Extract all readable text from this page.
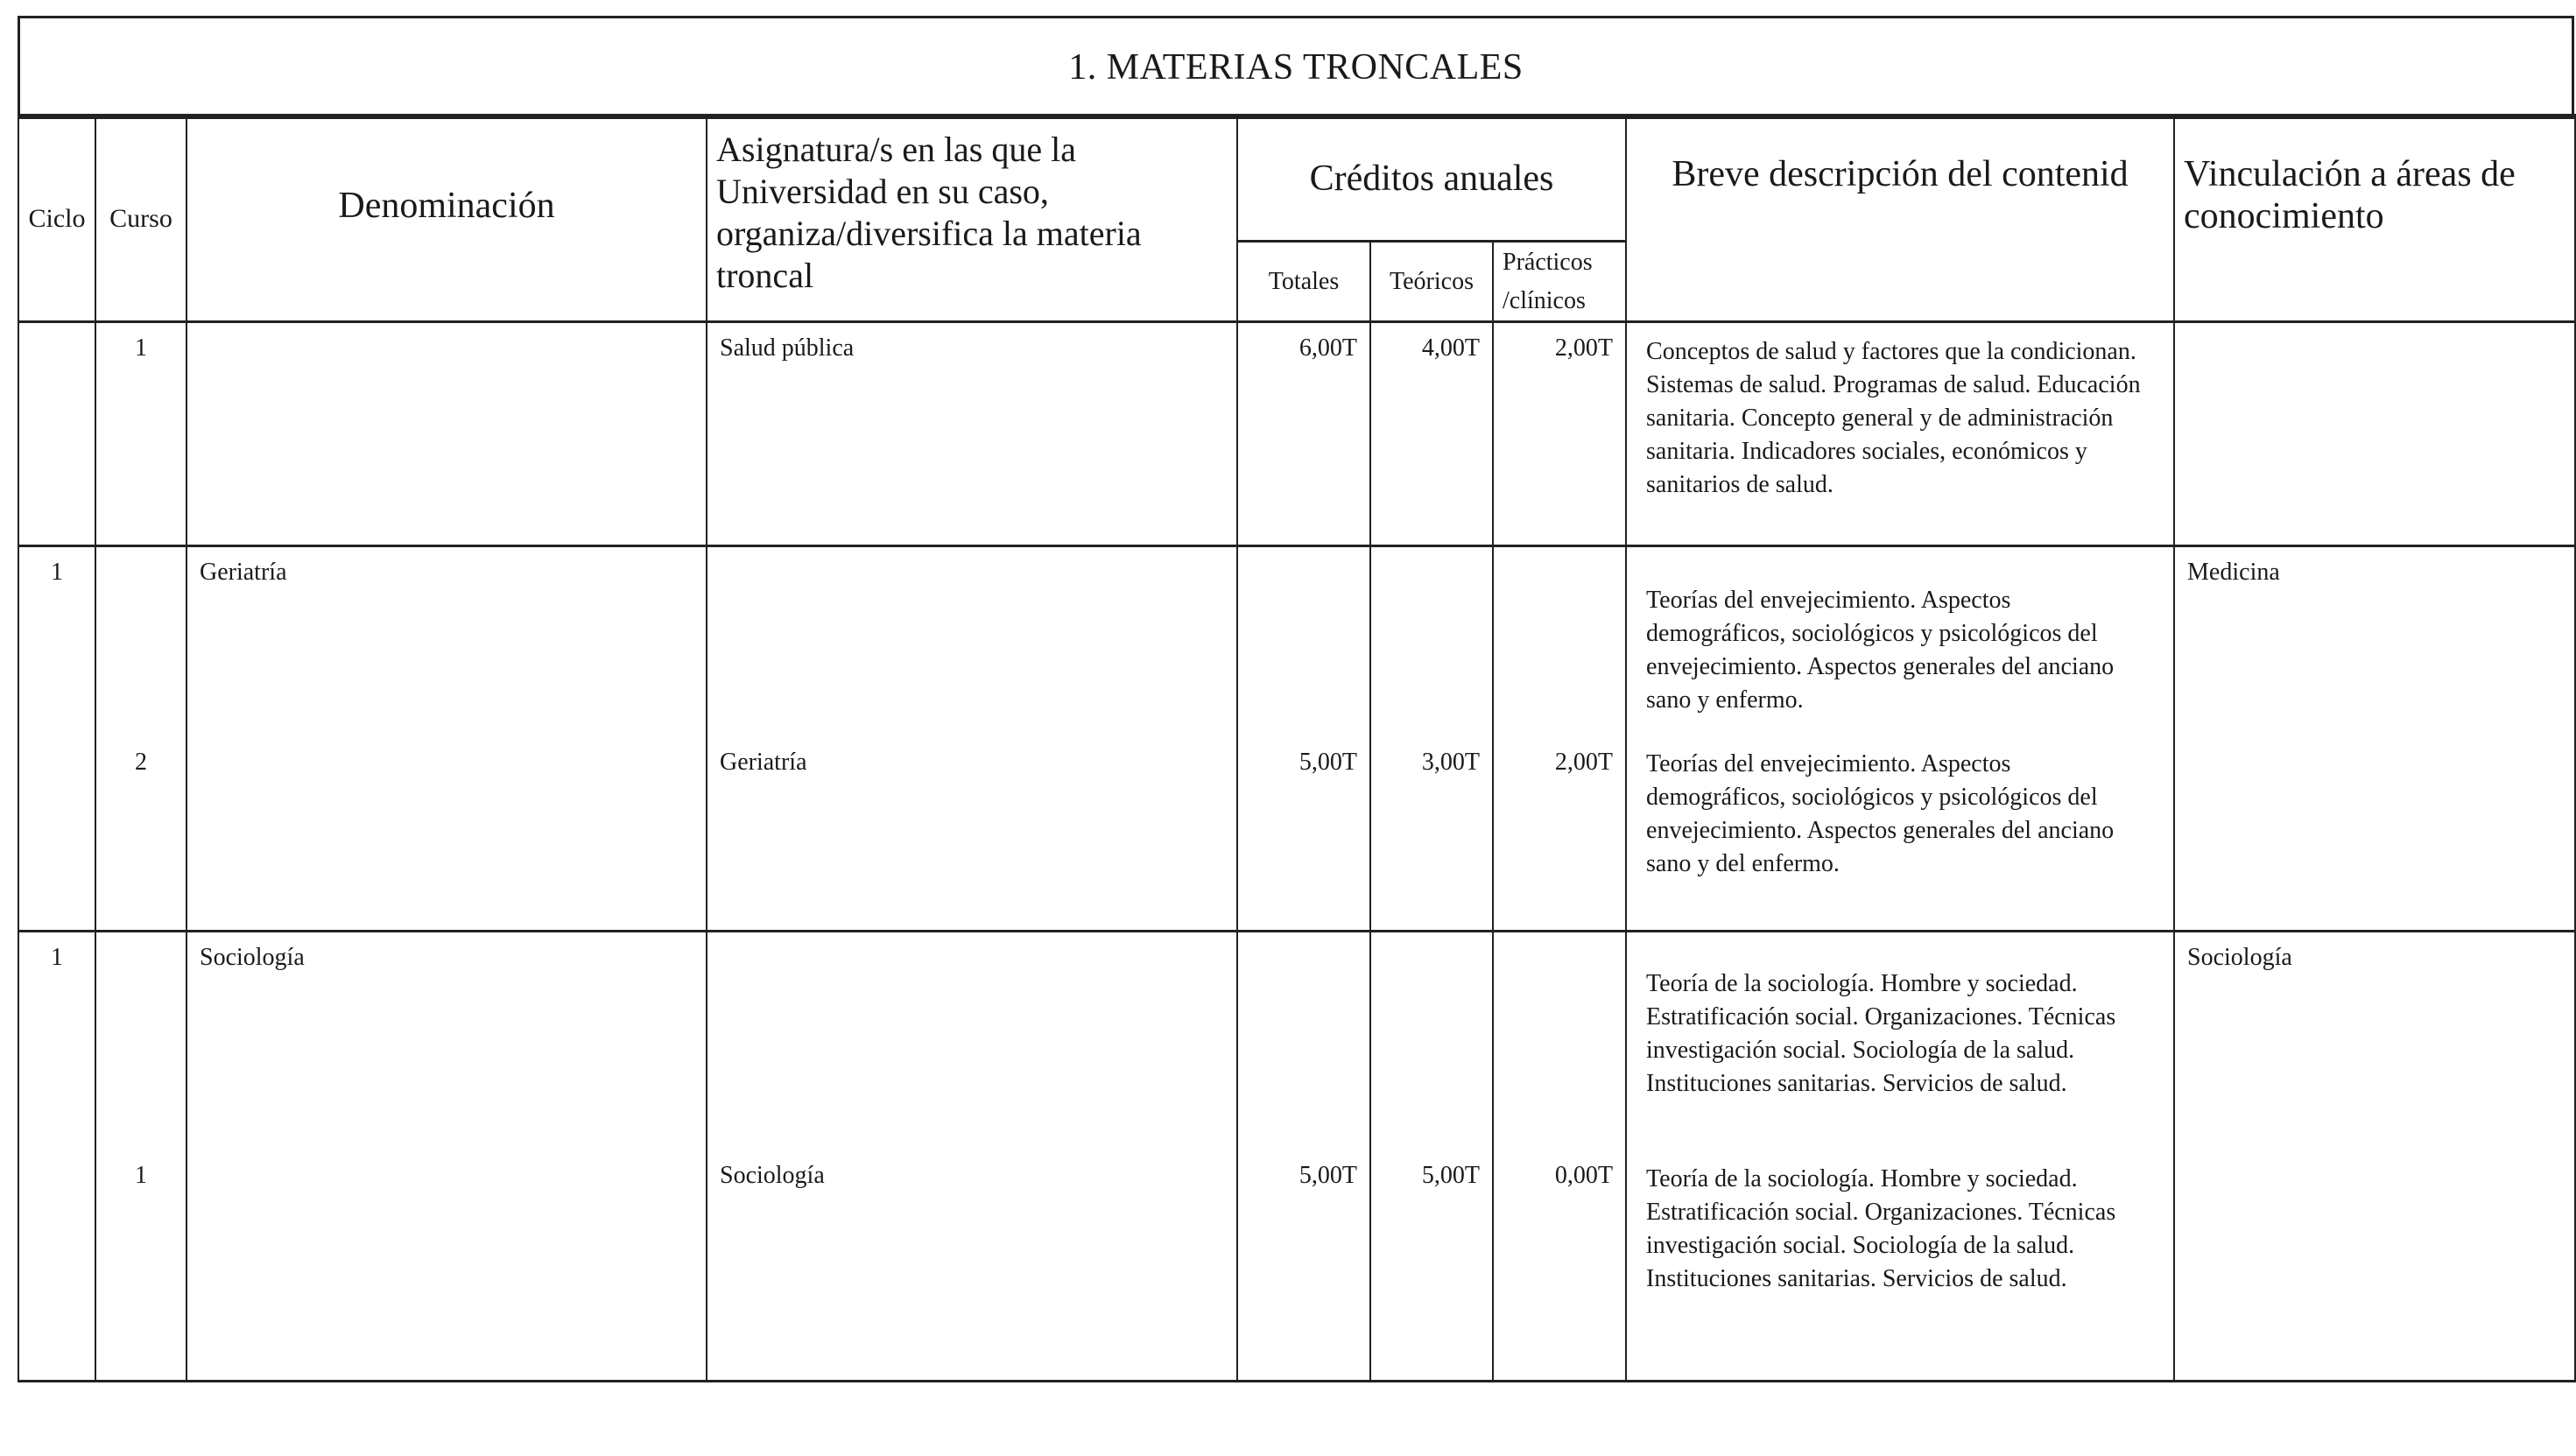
1. MATERIAS TRONCALES
Ciclo	Curso	Denominación	Asignatura/s en las que la Universidad en su caso, organiza/diversifica la materia troncal	Créditos anuales			Breve descripción del contenid	Vinculación a áreas de conocimiento

				Totales	Teóricos	Prácticos /clínicos		
	1		Salud pública	6,00T	4,00T	2,00T	Conceptos de salud y factores que la condicionan. Sistemas de salud. Programas de salud. Educación sanitaria. Concepto general y de administración sanitaria. Indicadores sociales, económicos y sanitarios de salud.	
1		Geriatría					Teorías del envejecimiento. Aspectos demográficos, sociológicos y psicológicos del envejecimiento. Aspectos generales del anciano sano y enfermo.	Medicina
	2		Geriatría	5,00T	3,00T	2,00T	Teorías del envejecimiento. Aspectos demográficos, sociológicos y psicológicos del envejecimiento. Aspectos generales del anciano sano y del enfermo.	
1		Sociología					Teoría de la sociología. Hombre y sociedad. Estratificación social. Organizaciones. Técnicas investigación social. Sociología de la salud. Instituciones sanitarias. Servicios de salud.	Sociología
	1		Sociología	5,00T	5,00T	0,00T	Teoría de la sociología. Hombre y sociedad. Estratificación social. Organizaciones. Técnicas investigación social. Sociología de la salud. Instituciones sanitarias. Servicios de salud.	
